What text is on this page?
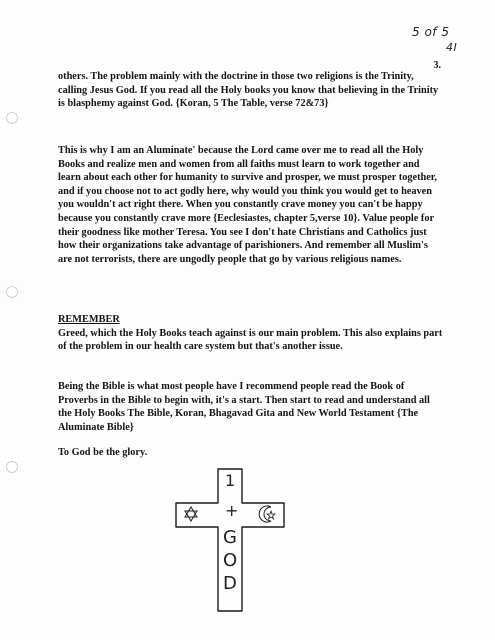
5 of 5
4I
3.

others. The problem mainly with the doctrine in those two religions is the Trinity, calling Jesus God. If you read all the Holy books you know that believing in the Trinity is blasphemy against God. {Koran, 5 The Table, verse 72&73}

This is why I am an Aluminate' because the Lord came over me to read all the Holy Books and realize men and women from all faiths must learn to work together and learn about each other for humanity to survive and prosper, we must prosper together, and if you choose not to act godly here, why would you think you would get to heaven you wouldn't act right there. When you constantly crave money you can't be happy because you constantly crave more {Eeclesiastes, chapter 5,verse 10}. Value people for their goodness like mother Teresa. You see I don't hate Christians and Catholics just how their organizations take advantage of parishioners. And remember all Muslim's are not terrorists, there are ungodly people that go by various religious names.

REMEMBER

Greed, which the Holy Books teach against is our main problem. This also explains part of the problem in our health care system but that's another issue.

Being the Bible is what most people have I recommend people read the Book of Proverbs in the Bible to begin with, it's a start. Then start to read and understand all the Holy Books The Bible, Koran, Bhagavad Gita and New World Testament {The Aluminate Bible}

To God be the glory.

1
+
G
O
D
